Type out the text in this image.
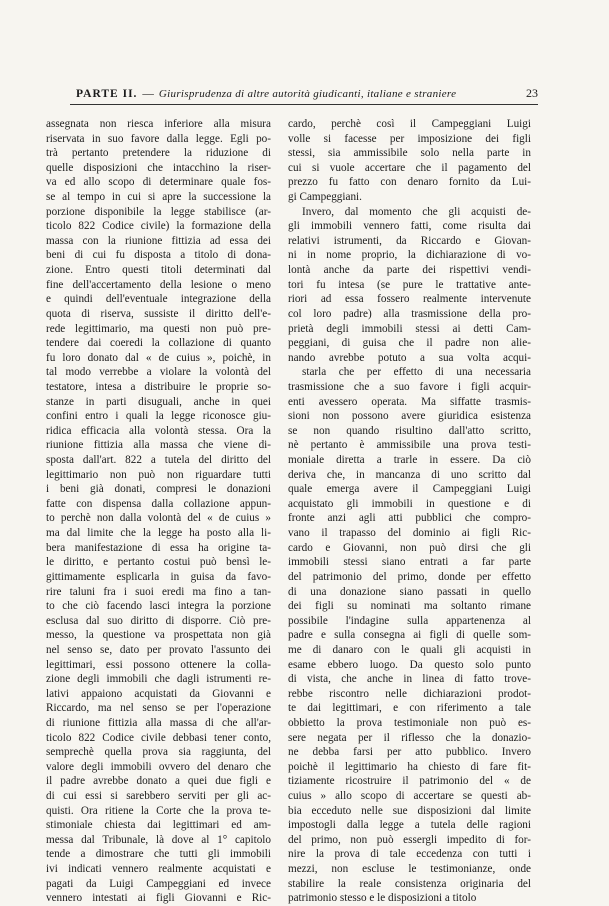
PARTE II. — Giurisprudenza di altre autorità giudicanti, italiane e straniere	23
assegnata non riesca inferiore alla misura
riservata in suo favore dalla legge. Egli po-
trà pertanto pretendere la riduzione di
quelle disposizioni che intacchino la riser-
va ed allo scopo di determinare quale fos-
se al tempo in cui si apre la successione la
porzione disponibile la legge stabilisce (ar-
ticolo 822 Codice civile) la formazione della
massa con la riunione fittizia ad essa dei
beni di cui fu disposta a titolo di dona-
zione. Entro questi titoli determinati dal
fine dell'accertamento della lesione o meno
e quindi dell'eventuale integrazione della
quota di riserva, sussiste il diritto dell'e-
rede legittimario, ma questi non può pre-
tendere dai coeredi la collazione di quanto
fu loro donato dal « de cuius », poichè, in
tal modo verrebbe a violare la volontà del
testatore, intesa a distribuire le proprie so-
stanze in parti disuguali, anche in quei
confini entro i quali la legge riconosce giu-
ridica efficacia alla volontà stessa. Ora la
riunione fittizia alla massa che viene di-
sposta dall'art. 822 a tutela del diritto del
legittimario non può non riguardare tutti
i beni già donati, compresi le donazioni
fatte con dispensa dalla collazione appun-
to perchè non dalla volontà del « de cuius »
ma dal limite che la legge ha posto alla li-
bera manifestazione di essa ha origine ta-
le diritto, e pertanto costui può bensì le-
gittimamente esplicarla in guisa da favo-
rire taluni fra i suoi eredi ma fino a tan-
to che ciò facendo lasci integra la porzione
esclusa dal suo diritto di disporre. Ciò pre-
messo, la questione va prospettata non già
nel senso se, dato per provato l'assunto dei
legittimari, essi possono ottenere la colla-
zione degli immobili che dagli istrumenti re-
lativi appaiono acquistati da Giovanni e
Riccardo, ma nel senso se per l'operazione
di riunione fittizia alla massa di che all'ar-
ticolo 822 Codice civile debbasi tener conto,
semprechè quella prova sia raggiunta, del
valore degli immobili ovvero del denaro che
il padre avrebbe donato a quei due figli e
di cui essi si sarebbero serviti per gli ac-
quisti. Ora ritiene la Corte che la prova te-
stimoniale chiesta dai legittimari ed am-
messa dal Tribunale, là dove al 1° capitolo
tende a dimostrare che tutti gli immobili
ivi indicati vennero realmente acquistati e
pagati da Luigi Campeggiani ed invece
vennero intestati ai figli Giovanni e Ric-
cardo, perchè così il Campeggiani Luigi
volle si facesse per imposizione dei figli
stessi, sia ammissibile solo nella parte in
cui si vuole accertare che il pagamento del
prezzo fu fatto con denaro fornito da Lui-
gi Campeggiani.
Invero, dal momento che gli acquisti de-
gli immobili vennero fatti, come risulta dai
relativi istrumenti, da Riccardo e Giovan-
ni in nome proprio, la dichiarazione di vo-
lontà anche da parte dei rispettivi vendi-
tori fu intesa (se pure le trattative ante-
riori ad essa fossero realmente intervenute
col loro padre) alla trasmissione della pro-
prietà degli immobili stessi ai detti Cam-
peggiani, di guisa che il padre non alie-
nando avrebbe potuto a sua volta acqui-
starla che per effetto di una necessaria
trasmissione che a suo favore i figli acquir-
enti avessero operata. Ma siffatte trasmis-
sioni non possono avere giuridica esistenza
se non quando risultino dall'atto scritto,
nè pertanto è ammissibile una prova testi-
moniale diretta a trarle in essere. Da ciò
deriva che, in mancanza di uno scritto dal
quale emerga avere il Campeggiani Luigi
acquistato gli immobili in questione e di
fronte anzi agli atti pubblici che compro-
vano il trapasso del dominio ai figli Ric-
cardo e Giovanni, non può dirsi che gli
immobili stessi siano entrati a far parte
del patrimonio del primo, donde per effetto
di una donazione siano passati in quello
dei figli su nominati ma soltanto rimane
possibile l'indagine sulla appartenenza al
padre e sulla consegna ai figli di quelle som-
me di danaro con le quali gli acquisti in
esame ebbero luogo. Da questo solo punto
di vista, che anche in linea di fatto trove-
rebbe riscontro nelle dichiarazioni prodot-
te dai legittimari, e con riferimento a tale
obbietto la prova testimoniale non può es-
sere negata per il riflesso che la donazio-
ne debba farsi per atto pubblico. Invero
poichè il legittimario ha chiesto di fare fit-
tiziamente ricostruire il patrimonio del « de
cuius » allo scopo di accertare se questi ab-
bia ecceduto nelle sue disposizioni dal limite
impostogli dalla legge a tutela delle ragioni
del primo, non può essergli impedito di for-
nire la prova di tale eccedenza con tutti i
mezzi, non escluse le testimonianze, onde
stabilire la reale consistenza originaria del
patrimonio stesso e le disposizioni a titolo
